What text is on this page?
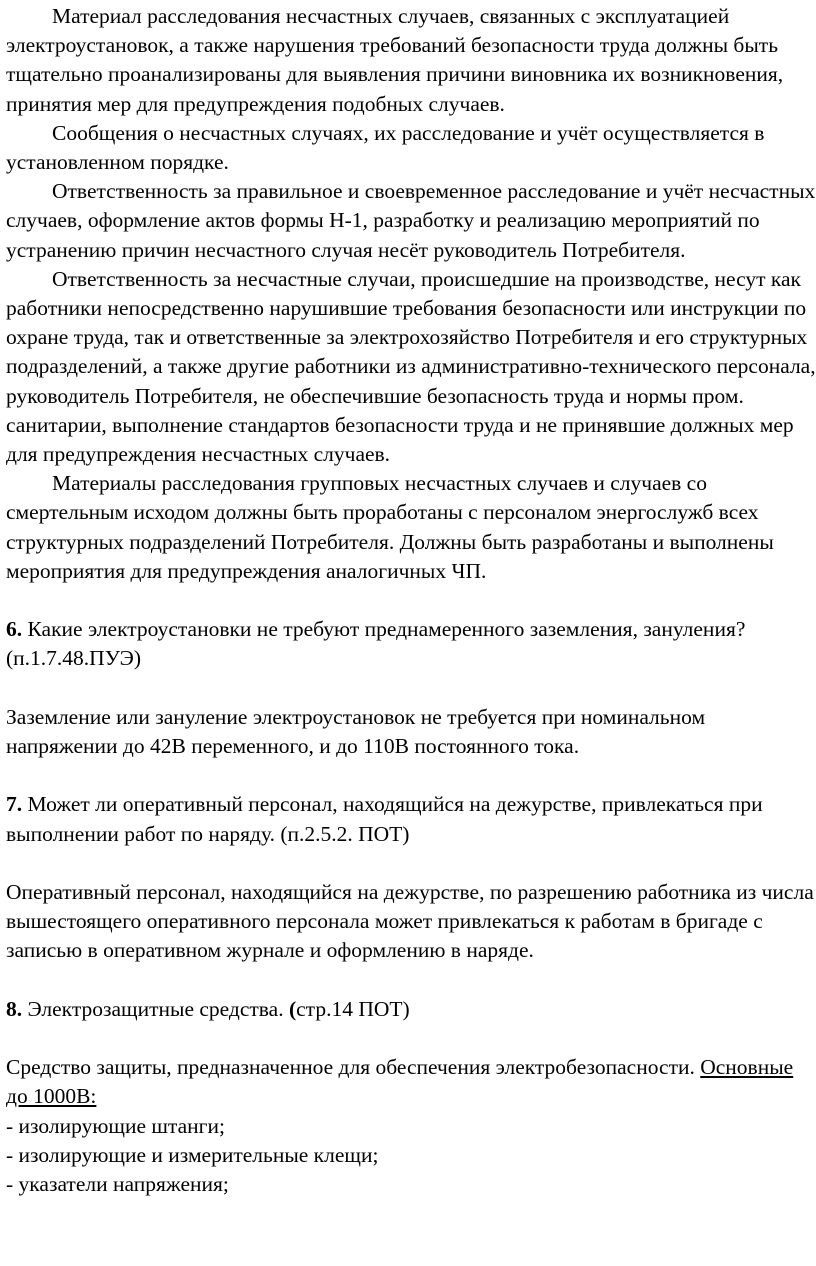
Материал расследования несчастных случаев, связанных с эксплуатацией электроустановок, а также нарушения требований безопасности труда должны быть тщательно проанализированы для выявления причини виновника их возникновения, принятия мер для предупреждения подобных случаев.

Сообщения о несчастных случаях, их расследование и учёт осуществляется в установленном порядке.

Ответственность за правильное и своевременное расследование и учёт несчастных случаев, оформление актов формы Н-1, разработку и реализацию мероприятий по устранению причин несчастного случая несёт руководитель Потребителя.

Ответственность за несчастные случаи, происшедшие на производстве, несут как работники непосредственно нарушившие требования безопасности или инструкции по охране труда, так и ответственные за электрохозяйство Потребителя и его структурных подразделений, а также другие работники из административно-технического персонала, руководитель Потребителя, не обеспечившие безопасность труда и нормы пром. санитарии, выполнение стандартов безопасности труда и не принявшие должных мер для предупреждения несчастных случаев.

Материалы расследования групповых несчастных случаев и случаев со смертельным исходом должны быть проработаны с персоналом энергослужб всех структурных подразделений Потребителя. Должны быть разработаны и выполнены мероприятия для предупреждения аналогичных ЧП.

6. Какие электроустановки не требуют преднамеренного заземления, зануления? (п.1.7.48.ПУЭ)

Заземление или зануление электроустановок не требуется при номинальном напряжении до 42В переменного, и до 110В постоянного тока.

7. Может ли оперативный персонал, находящийся на дежурстве, привлекаться при выполнении работ по наряду. (п.2.5.2. ПОТ)

Оперативный персонал, находящийся на дежурстве, по разрешению работника из числа вышестоящего оперативного персонала может привлекаться к работам в бригаде с записью в оперативном журнале и оформлению в наряде.

8. Электрозащитные средства. (стр.14 ПОТ)

Средство защиты, предназначенное для обеспечения электробезопасности. Основные до 1000В:

- изолирующие штанги;

- изолирующие и измерительные клещи;

- указатели напряжения;
